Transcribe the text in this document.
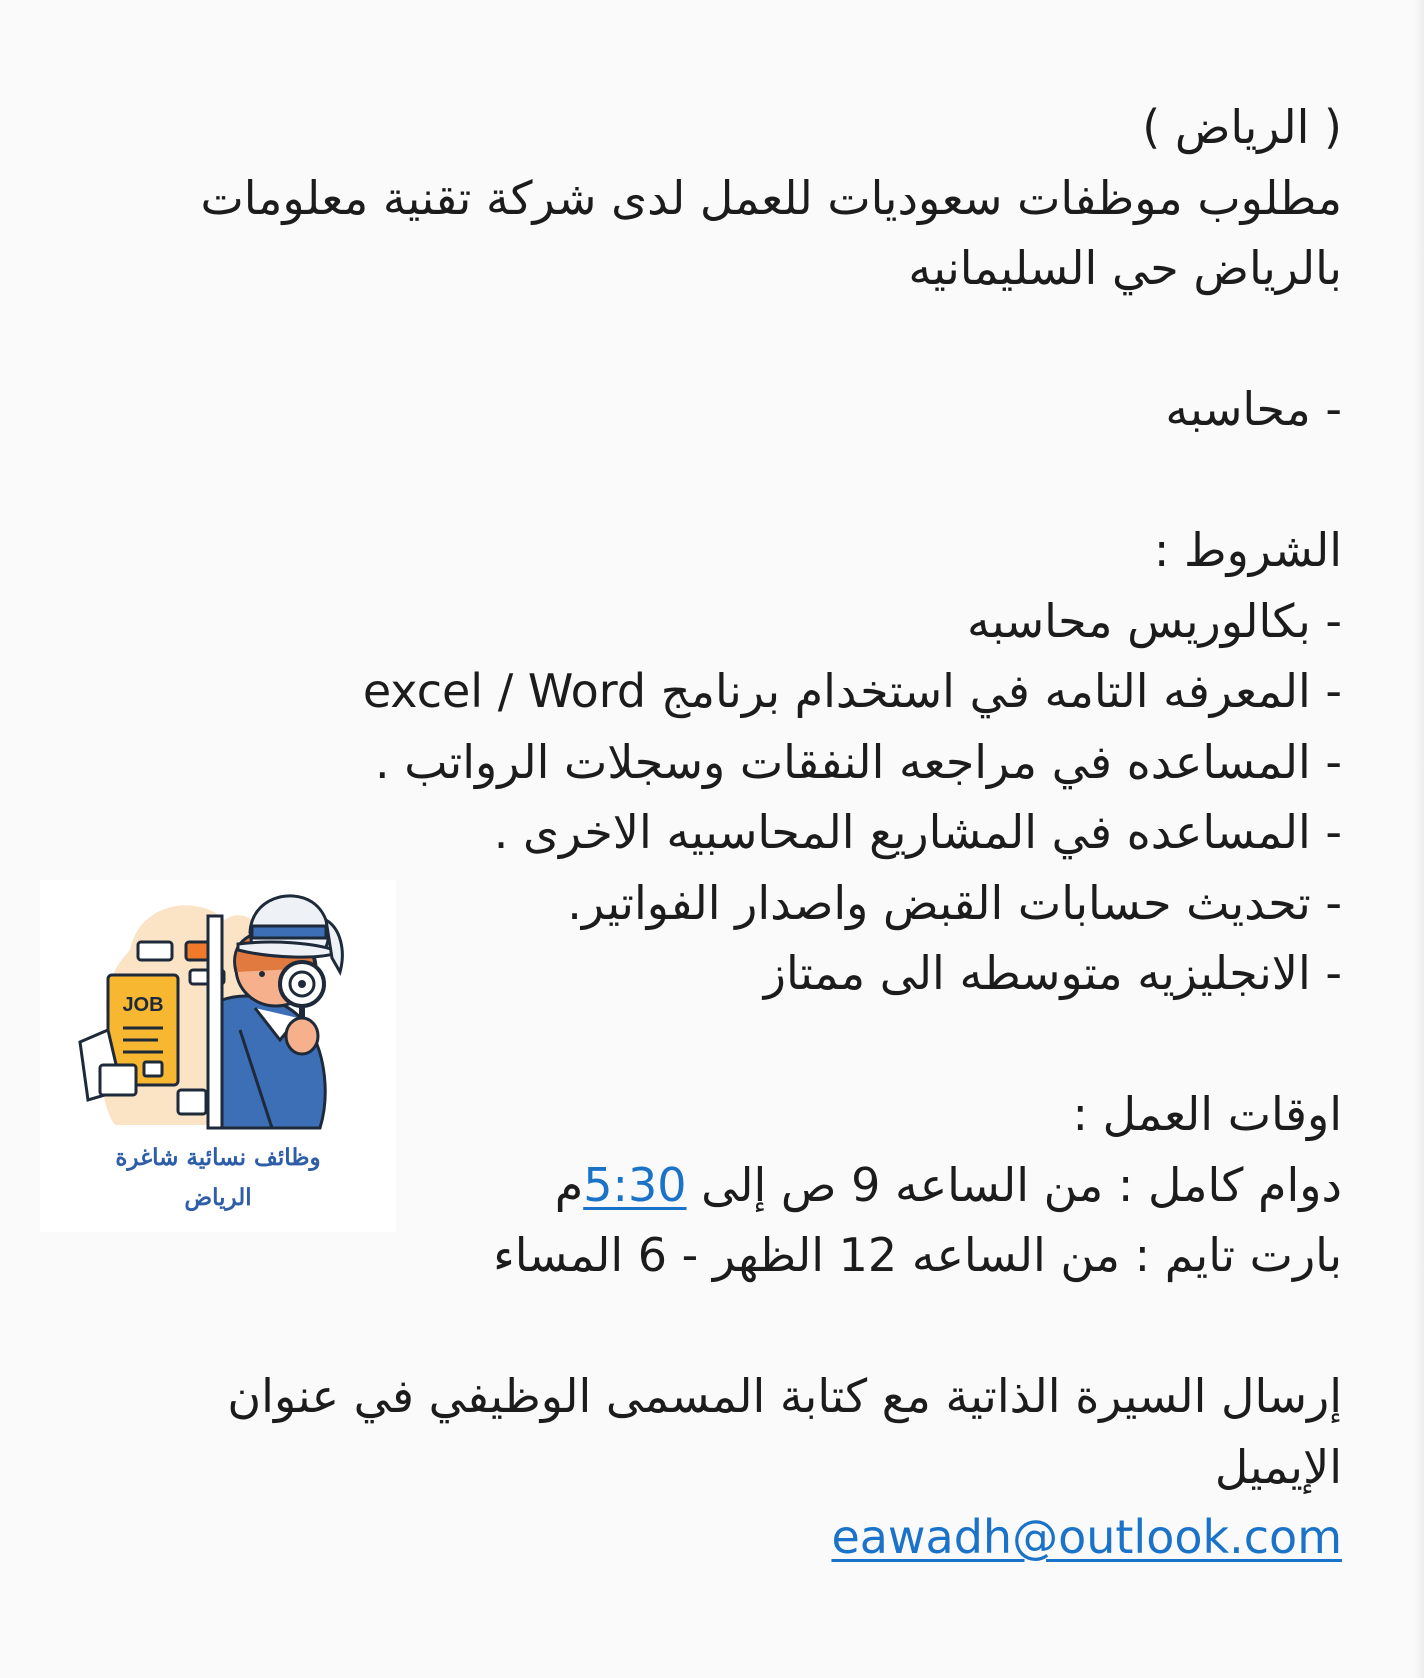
( الرياض )
مطلوب موظفات سعوديات للعمل لدى شركة تقنية معلومات
بالرياض حي السليمانيه
- محاسبه
الشروط :
- بكالوريس محاسبه
- المعرفه التامه في استخدام برنامج excel / Word
- المساعده في مراجعه النفقات وسجلات الرواتب .
- المساعده في المشاريع المحاسبيه الاخرى .
- تحديث حسابات القبض واصدار الفواتير.
- الانجليزيه متوسطه الى ممتاز
اوقات العمل :
دوام كامل : من الساعه 9 ص إلى 5:30م
بارت تايم : من الساعه 12 الظهر - 6 المساء
إرسال السيرة الذاتية مع كتابة المسمى الوظيفي في عنوان
الإيميل
eawadh@outlook.com
JOB
وظائف نسائية شاغرة
الرياض
